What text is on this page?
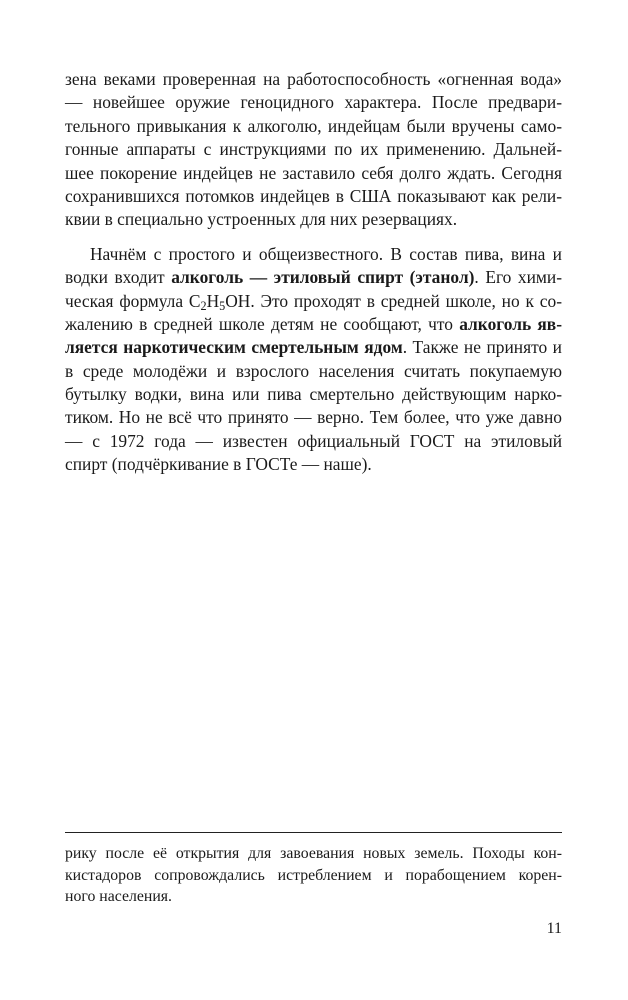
зена веками проверенная на работоспособность «огненная вода»
— новейшее оружие геноцидного характера. После предвари-
тельного привыкания к алкоголю, индейцам были вручены само-
гонные аппараты с инструкциями по их применению. Дальней-
шее покорение индейцев не заставило себя долго ждать. Сегодня
сохранившихся потомков индейцев в США показывают как рели-
квии в специально устроенных для них резервациях.
Начнём с простого и общеизвестного. В состав пива, вина и
водки входит алкоголь — этиловый спирт (этанол). Его хими-
ческая формула $C_2H_5OH$. Это проходят в средней школе, но к со-
жалению в средней школе детям не сообщают, что алкоголь яв-
ляется наркотическим смертельным ядом. Также не принято и
в среде молодёжи и взрослого населения считать покупаемую
бутылку водки, вина или пива смертельно действующим нарко-
тиком. Но не всё что принято — верно. Тем более, что уже давно
— с 1972 года — известен официальный ГОСТ на этиловый
спирт (подчёркивание в ГОСТе — наше).
рику после её открытия для завоевания новых земель. Походы кон-
кистадоров сопровождались истреблением и порабощением корен-
ного населения.
11
